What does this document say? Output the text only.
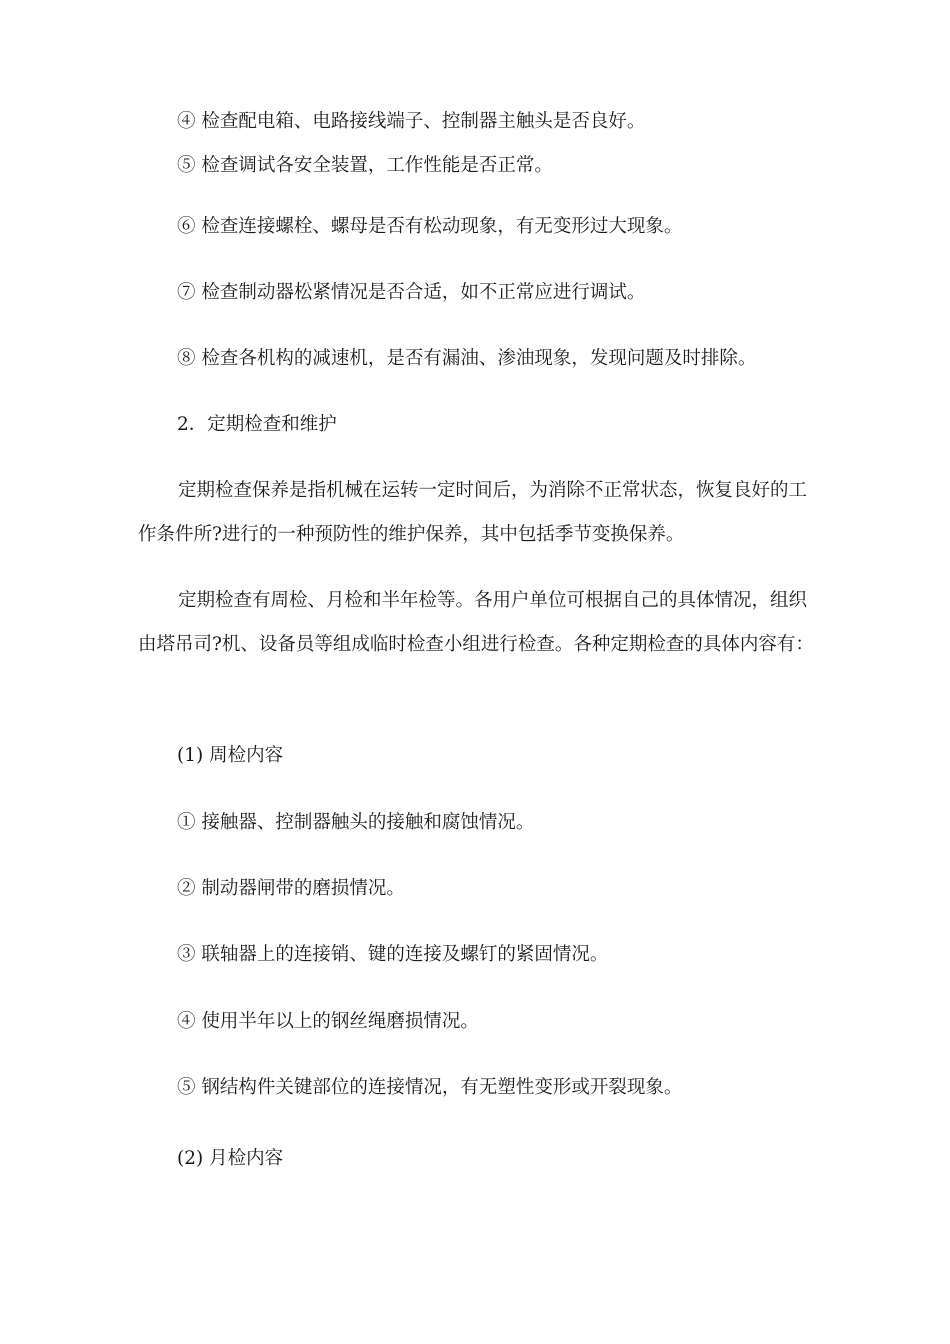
④ 检查配电箱、电路接线端子、控制器主触头是否良好。
⑤ 检查调试各安全装置，工作性能是否正常。
⑥ 检查连接螺栓、螺母是否有松动现象，有无变形过大现象。
⑦ 检查制动器松紧情况是否合适，如不正常应进行调试。
⑧ 检查各机构的减速机，是否有漏油、渗油现象，发现问题及时排除。
2．定期检查和维护
定期检查保养是指机械在运转一定时间后，为消除不正常状态，恢复良好的工作条件所?进行的一种预防性的维护保养，其中包括季节变换保养。
定期检查有周检、月检和半年检等。各用户单位可根据自己的具体情况，组织由塔吊司?机、设备员等组成临时检查小组进行检查。各种定期检查的具体内容有：
(1) 周检内容
① 接触器、控制器触头的接触和腐蚀情况。
② 制动器闸带的磨损情况。
③ 联轴器上的连接销、键的连接及螺钉的紧固情况。
④ 使用半年以上的钢丝绳磨损情况。
⑤ 钢结构件关键部位的连接情况，有无塑性变形或开裂现象。
(2) 月检内容
